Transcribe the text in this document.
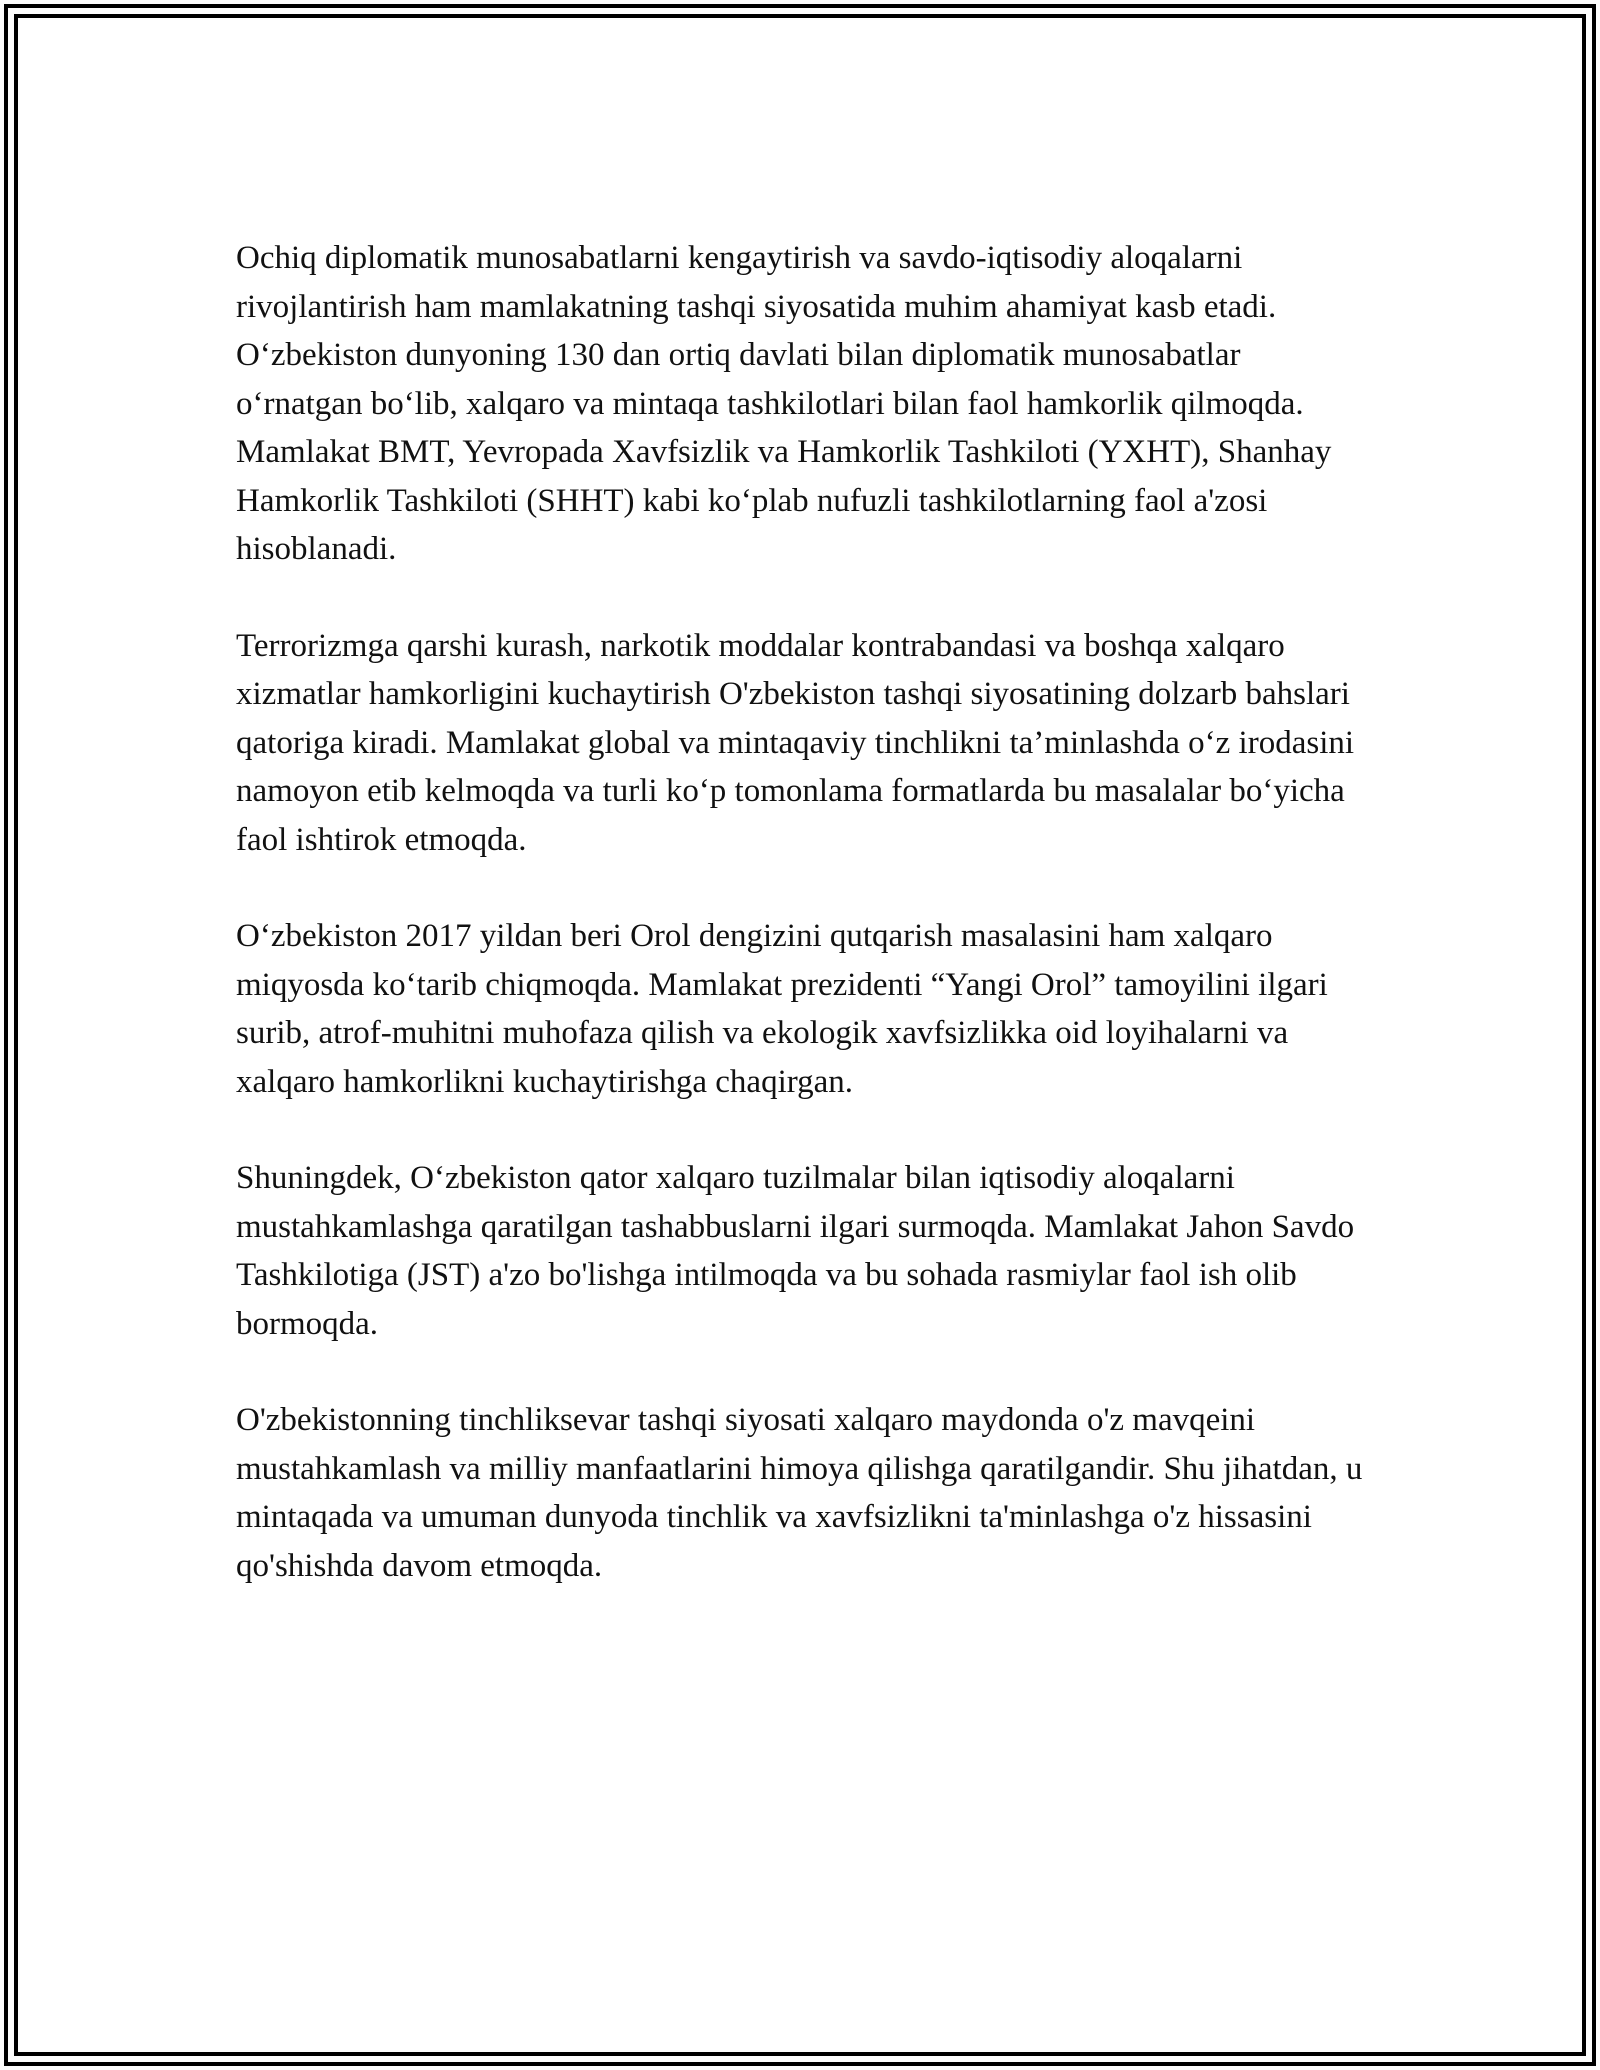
Ochiq diplomatik munosabatlarni kengaytirish va savdo-iqtisodiy aloqalarni rivojlantirish ham mamlakatning tashqi siyosatida muhim ahamiyat kasb etadi. O‘zbekiston dunyoning 130 dan ortiq davlati bilan diplomatik munosabatlar o‘rnatgan bo‘lib, xalqaro va mintaqa tashkilotlari bilan faol hamkorlik qilmoqda. Mamlakat BMT, Yevropada Xavfsizlik va Hamkorlik Tashkiloti (YXHT), Shanhay Hamkorlik Tashkiloti (SHHT) kabi ko‘plab nufuzli tashkilotlarning faol a'zosi hisoblanadi.

Terrorizmga qarshi kurash, narkotik moddalar kontrabandasi va boshqa xalqaro xizmatlar hamkorligini kuchaytirish O'zbekiston tashqi siyosatining dolzarb bahslari qatoriga kiradi. Mamlakat global va mintaqaviy tinchlikni ta’minlashda o‘z irodasini namoyon etib kelmoqda va turli ko‘p tomonlama formatlarda bu masalalar bo‘yicha faol ishtirok etmoqda.

O‘zbekiston 2017 yildan beri Orol dengizini qutqarish masalasini ham xalqaro miqyosda ko‘tarib chiqmoqda. Mamlakat prezidenti “Yangi Orol” tamoyilini ilgari surib, atrof-muhitni muhofaza qilish va ekologik xavfsizlikka oid loyihalarni va xalqaro hamkorlikni kuchaytirishga chaqirgan.

Shuningdek, O‘zbekiston qator xalqaro tuzilmalar bilan iqtisodiy aloqalarni mustahkamlashga qaratilgan tashabbuslarni ilgari surmoqda. Mamlakat Jahon Savdo Tashkilotiga (JST) a'zo bo'lishga intilmoqda va bu sohada rasmiylar faol ish olib bormoqda.

O'zbekistonning tinchliksevar tashqi siyosati xalqaro maydonda o'z mavqeini mustahkamlash va milliy manfaatlarini himoya qilishga qaratilgandir. Shu jihatdan, u mintaqada va umuman dunyoda tinchlik va xavfsizlikni ta'minlashga o'z hissasini qo'shishda davom etmoqda.
